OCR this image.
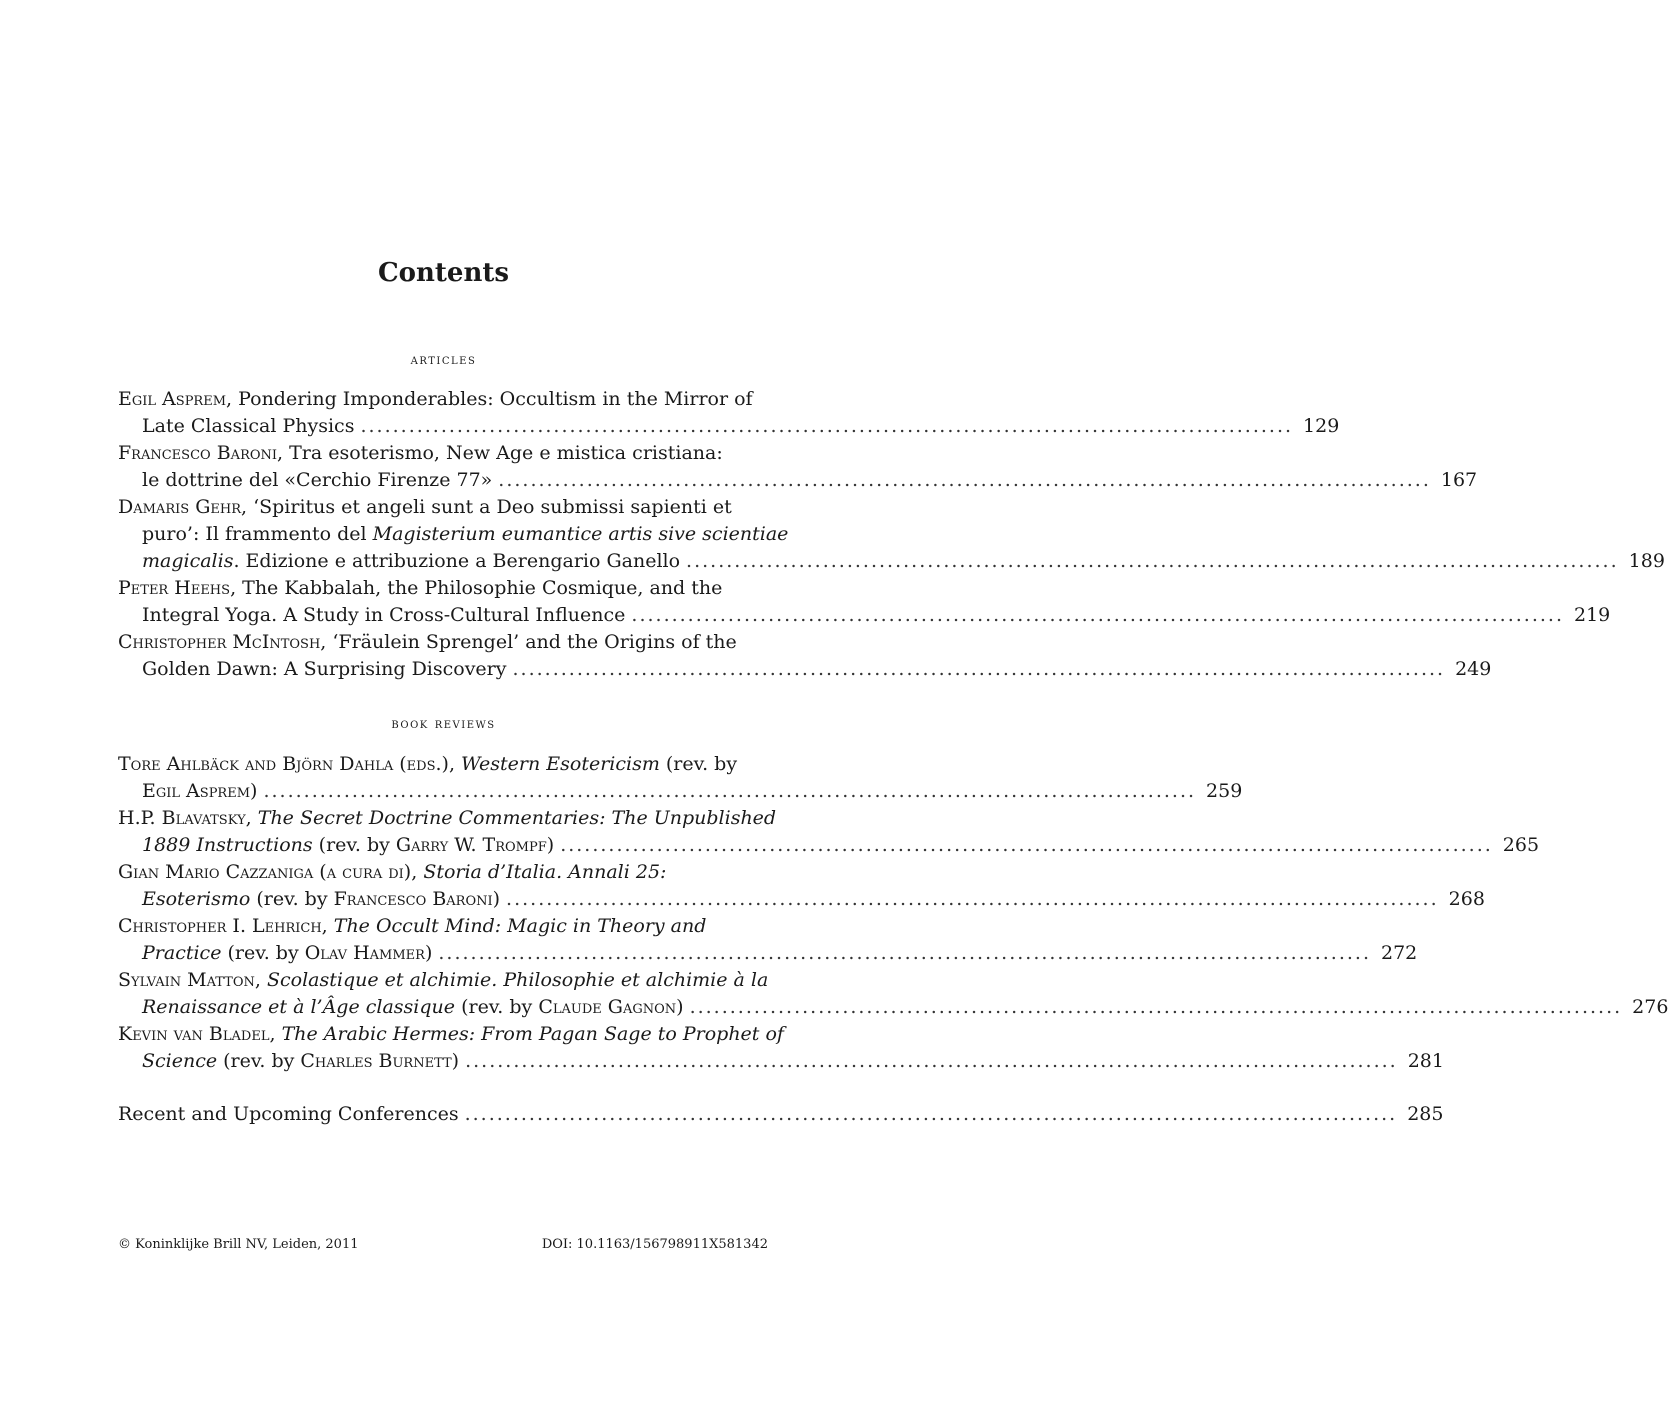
Contents
articles
Egil Asprem, Pondering Imponderables: Occultism in the Mirror of
Late Classical Physics .................................................................................................................... 129
Francesco Baroni, Tra esoterismo, New Age e mistica cristiana:
le dottrine del «Cerchio Firenze 77» .................................................................................................................... 167
Damaris Gehr, ‘Spiritus et angeli sunt a Deo submissi sapienti et
puro’: Il frammento del Magisterium eumantice artis sive scientiae
magicalis. Edizione e attribuzione a Berengario Ganello .................................................................................................................... 189
Peter Heehs, The Kabbalah, the Philosophie Cosmique, and the
Integral Yoga. A Study in Cross-Cultural Influence .................................................................................................................... 219
Christopher McIntosh, ‘Fräulein Sprengel’ and the Origins of the
Golden Dawn: A Surprising Discovery .................................................................................................................... 249
book reviews
Tore Ahlbäck and Björn Dahla (eds.), Western Esotericism (rev. by
Egil Asprem) .................................................................................................................... 259
H.P. Blavatsky, The Secret Doctrine Commentaries: The Unpublished
1889 Instructions (rev. by Garry W. Trompf) .................................................................................................................... 265
Gian Mario Cazzaniga (a cura di), Storia d’Italia. Annali 25:
Esoterismo (rev. by Francesco Baroni) .................................................................................................................... 268
Christopher I. Lehrich, The Occult Mind: Magic in Theory and
Practice (rev. by Olav Hammer) .................................................................................................................... 272
Sylvain Matton, Scolastique et alchimie. Philosophie et alchimie à la
Renaissance et à l’Âge classique (rev. by Claude Gagnon) .................................................................................................................... 276
Kevin van Bladel, The Arabic Hermes: From Pagan Sage to Prophet of
Science (rev. by Charles Burnett) .................................................................................................................... 281
Recent and Upcoming Conferences .................................................................................................................... 285
© Koninklijke Brill NV, Leiden, 2011	DOI: 10.1163/156798911X581342
